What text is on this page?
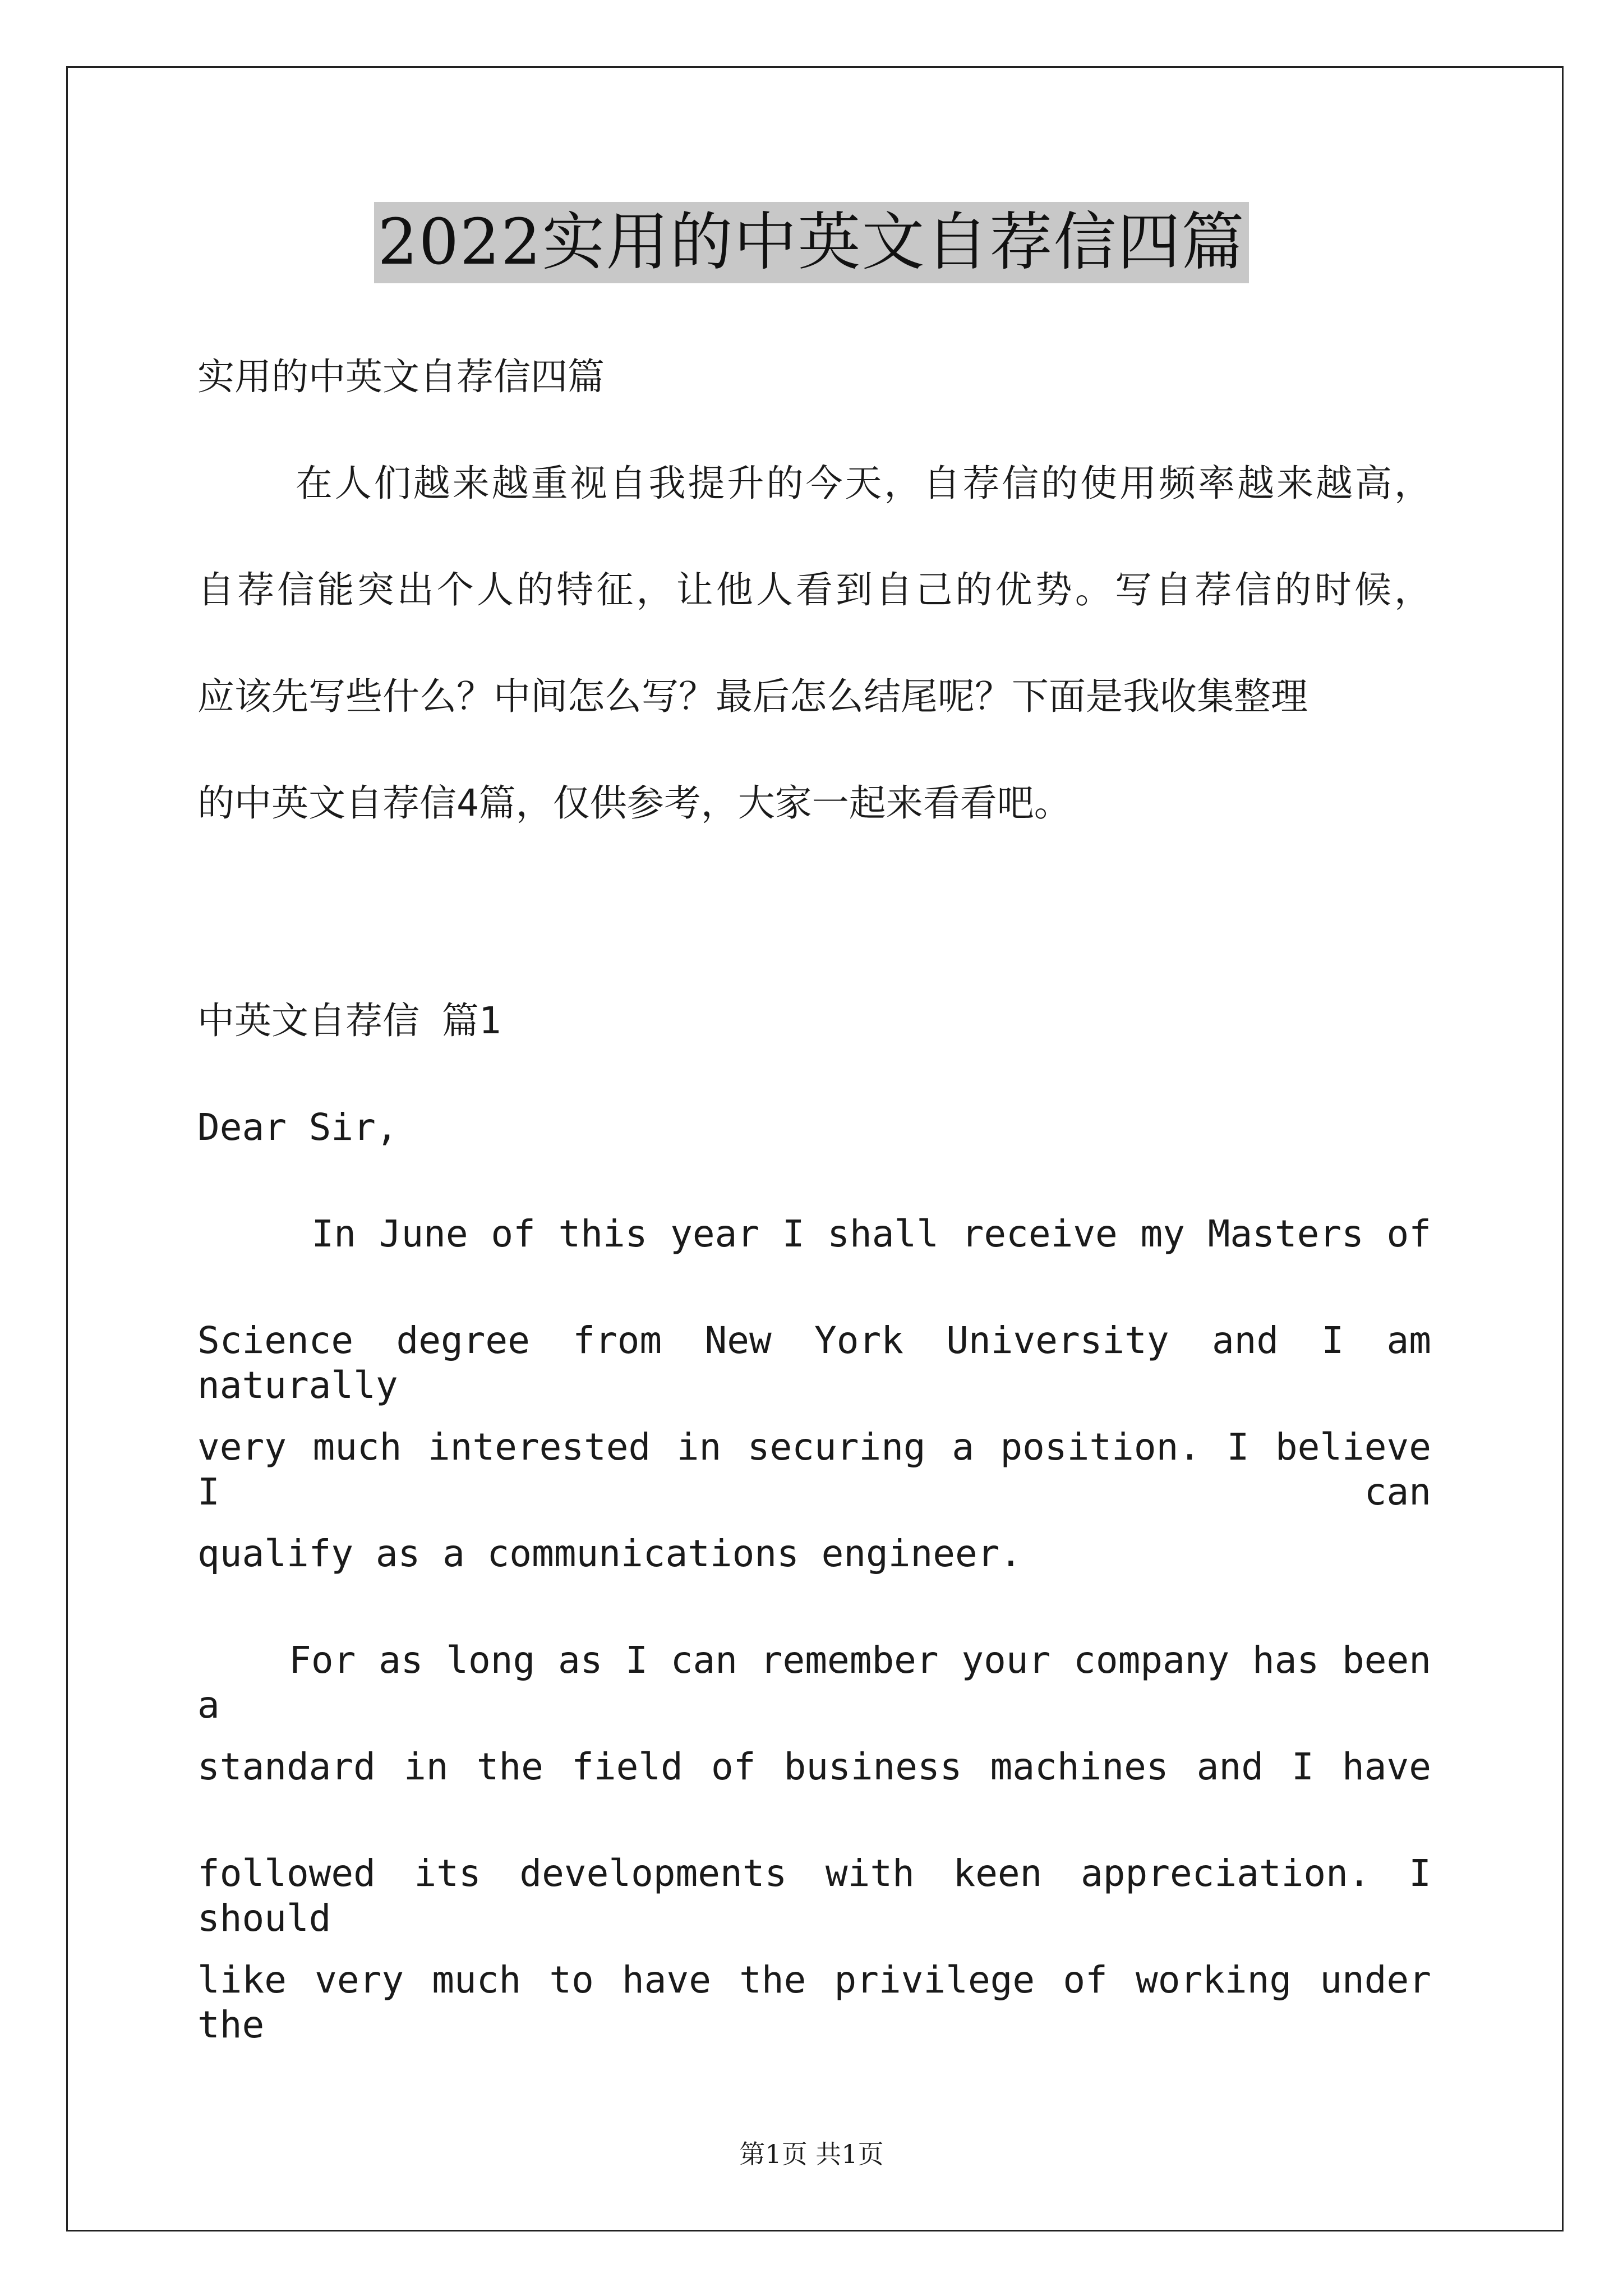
2022实用的中英文自荐信四篇
实用的中英文自荐信四篇
在人们越来越重视自我提升的今天，自荐信的使用频率越来越高，
自荐信能突出个人的特征，让他人看到自己的优势。写自荐信的时候，
应该先写些什么？中间怎么写？最后怎么结尾呢？下面是我收集整理
的中英文自荐信4篇，仅供参考，大家一起来看看吧。
中英文自荐信 篇1
Dear Sir,
In June of this year I shall receive my Masters of
Science degree from New York University and I am naturally
very much interested in securing a position. I believe I can
qualify as a communications engineer.
For as long as I can remember your company has been a
standard in the field of business machines and I have
followed its developments with keen appreciation. I should
like very much to have the privilege of working under the
第1页 共1页
